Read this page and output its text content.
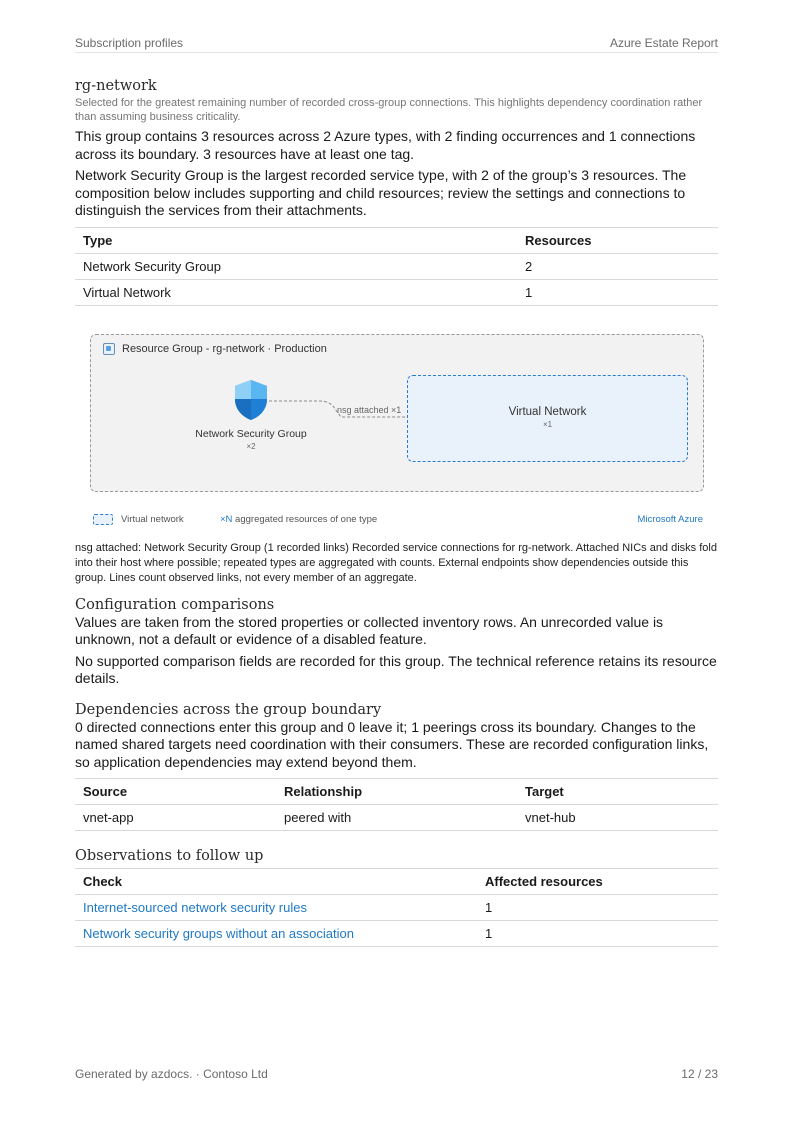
Subscription profiles	Azure Estate Report
rg-network
Selected for the greatest remaining number of recorded cross-group connections. This highlights dependency coordination rather than assuming business criticality.

This group contains 3 resources across 2 Azure types, with 2 finding occurrences and 1 connections across its boundary. 3 resources have at least one tag.

Network Security Group is the largest recorded service type, with 2 of the group’s 3 resources. The composition below includes supporting and child resources; review the settings and connections to distinguish the services from their attachments.

Type	Resources
Network Security Group	2
Virtual Network	1
Resource Group - rg-network · Production
Network Security Group
×2
nsg attached ×1	Virtual Network
×1
Virtual network	×N aggregated resources of one type	Microsoft Azure

nsg attached: Network Security Group (1 recorded links) Recorded service connections for rg-network. Attached NICs and disks fold into their host where possible; repeated types are aggregated with counts. External endpoints show dependencies outside this group. Lines count observed links, not every member of an aggregate.

Configuration comparisons

Values are taken from the stored properties or collected inventory rows. An unrecorded value is unknown, not a default or evidence of a disabled feature.

No supported comparison fields are recorded for this group. The technical reference retains its resource details.

Dependencies across the group boundary

0 directed connections enter this group and 0 leave it; 1 peerings cross its boundary. Changes to the named shared targets need coordination with their consumers. These are recorded configuration links, so application dependencies may extend beyond them.

Source	Relationship	Target
vnet-app	peered with	vnet-hub
Observations to follow up
Check	Affected resources
Internet-sourced network security rules	1
Network security groups without an association	1
Generated by azdocs. · Contoso Ltd	12 / 23
